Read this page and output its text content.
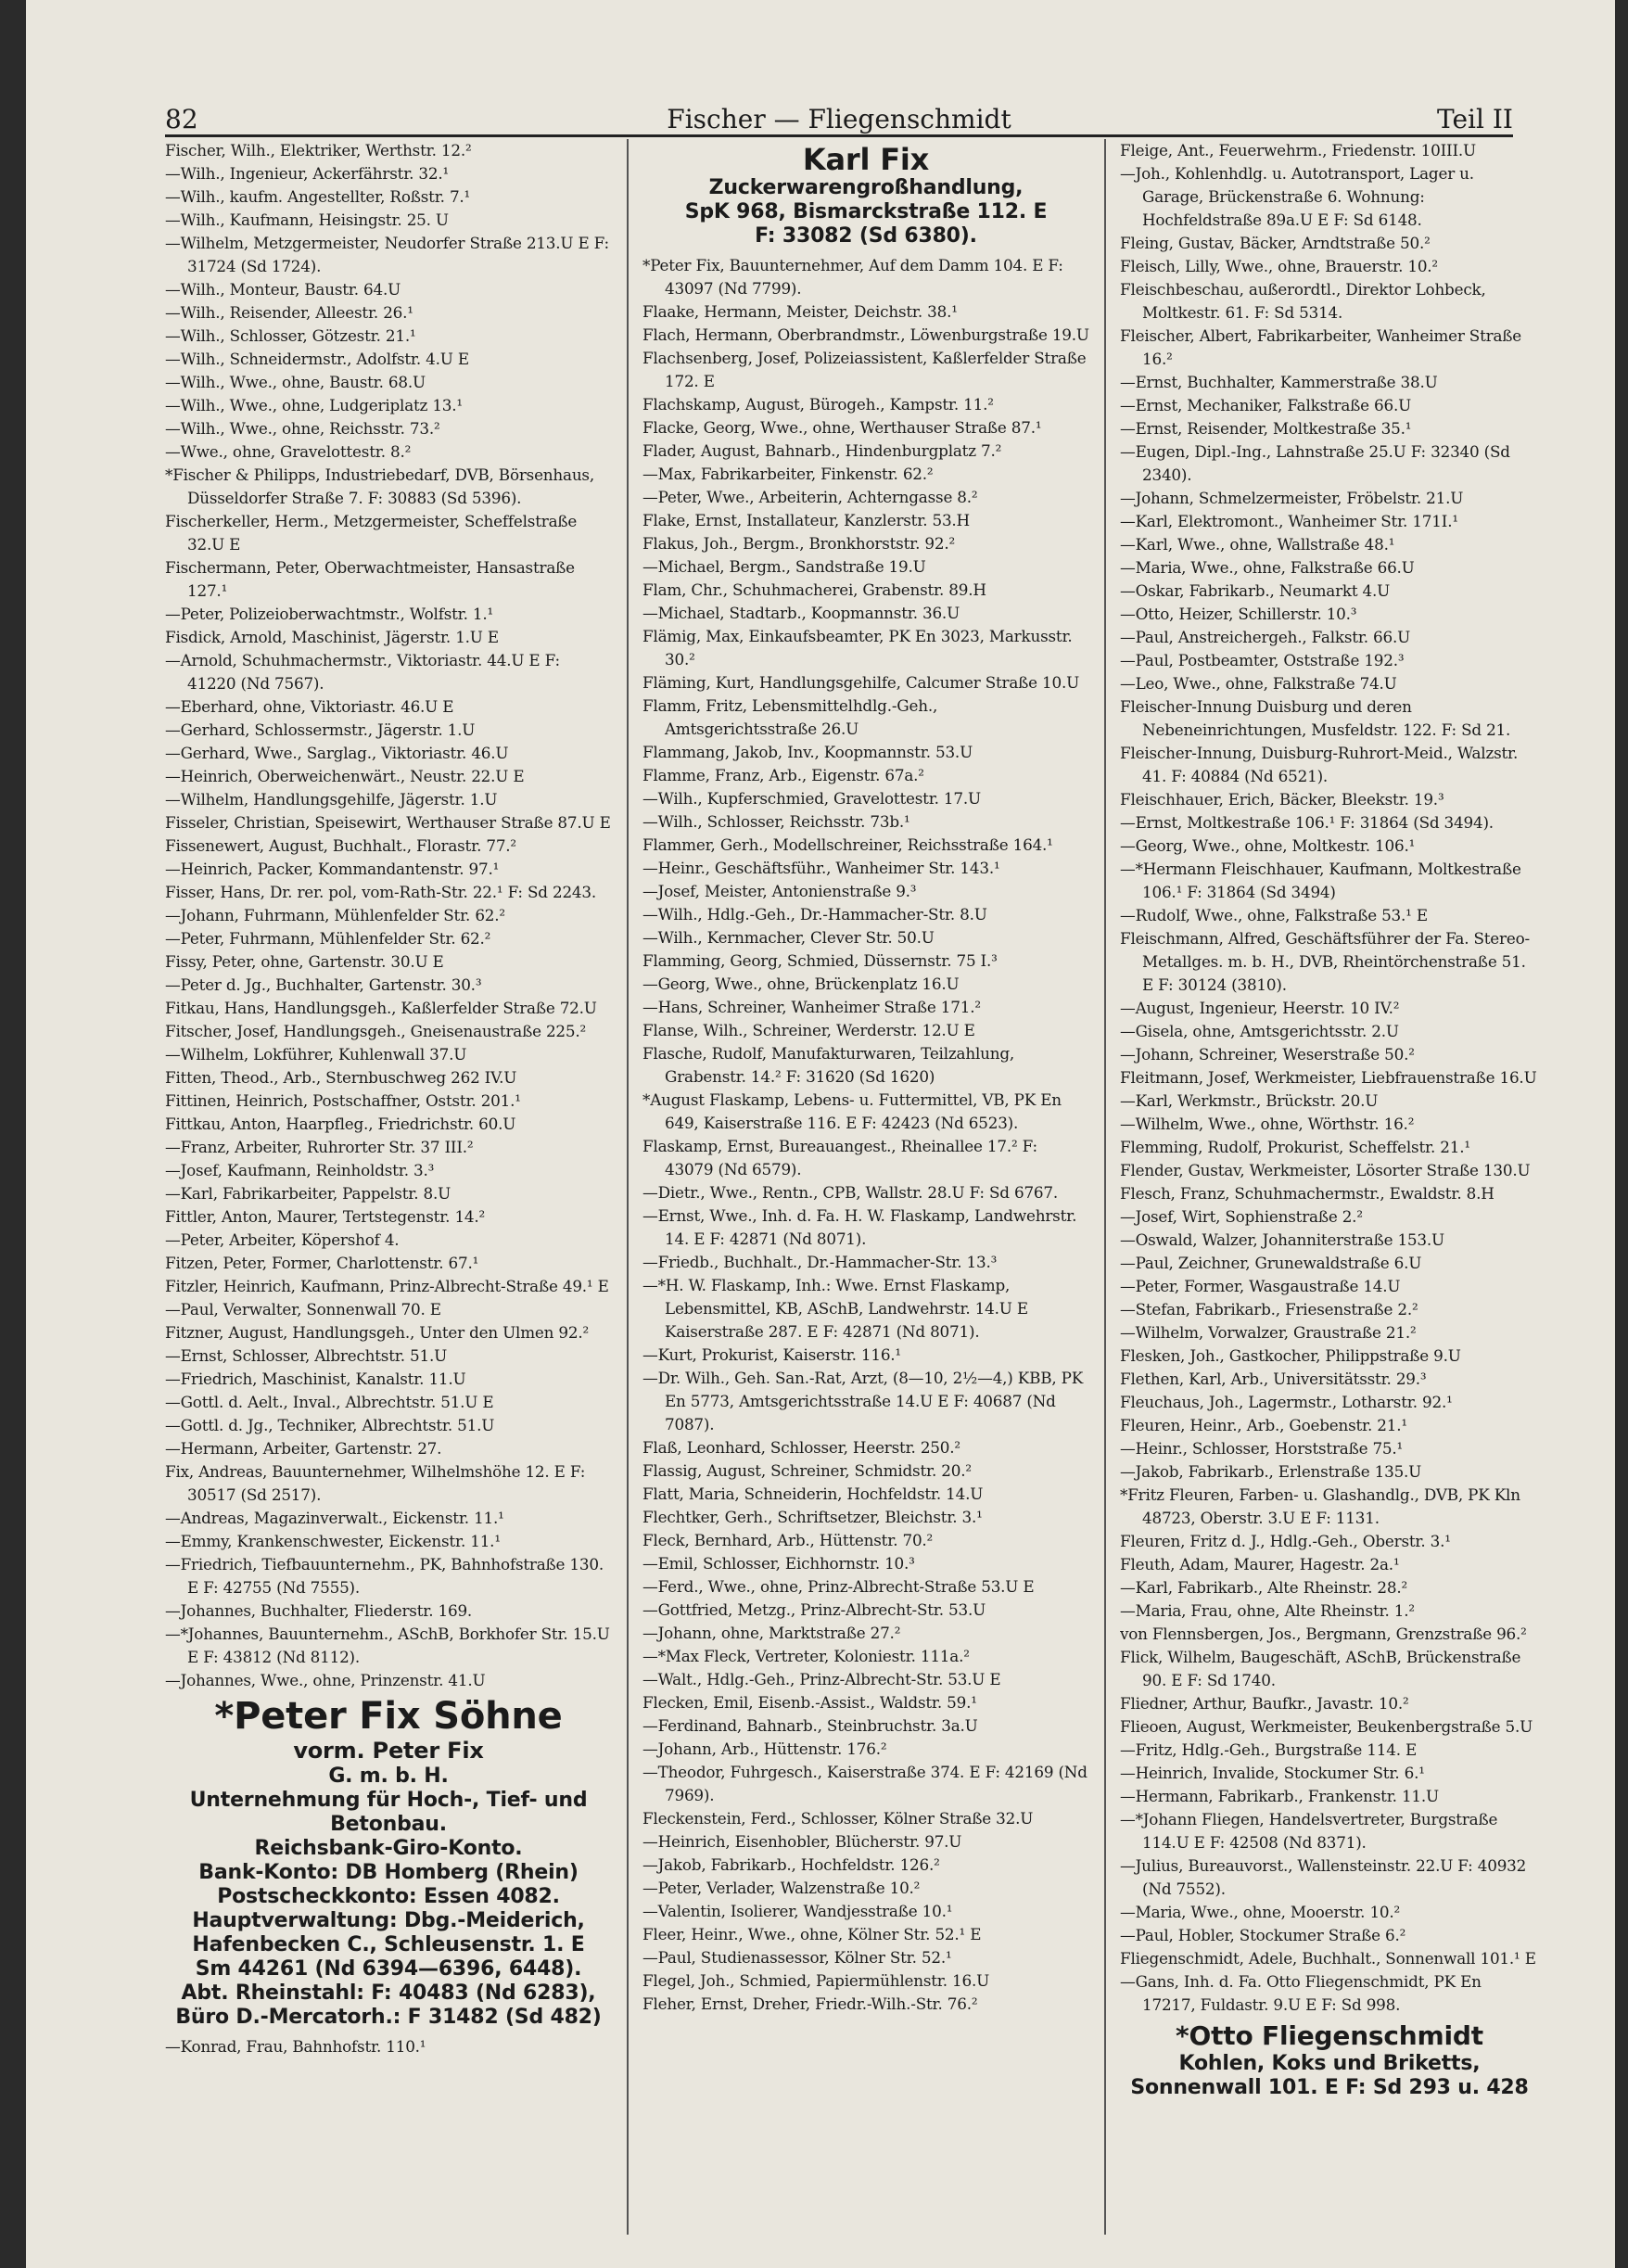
82	Fischer — Fliegenschmidt	Teil II
Fischer, Wilh., Elektriker, Werthstr. 12.²
—Wilh., Ingenieur, Ackerfährstr. 32.¹
—Wilh., kaufm. Angestellter, Roßstr. 7.¹
—Wilh., Kaufmann, Heisingstr. 25. U
—Wilhelm, Metzgermeister, Neudorfer Straße 213.U E F: 31724 (Sd 1724).
—Wilh., Monteur, Baustr. 64.U
—Wilh., Reisender, Alleestr. 26.¹
—Wilh., Schlosser, Götzestr. 21.¹
—Wilh., Schneidermstr., Adolfstr. 4.U E
—Wilh., Wwe., ohne, Baustr. 68.U
—Wilh., Wwe., ohne, Ludgeriplatz 13.¹
—Wilh., Wwe., ohne, Reichsstr. 73.²
—Wwe., ohne, Gravelottestr. 8.²
*Fischer & Philipps, Industriebedarf, DVB, Börsenhaus, Düsseldorfer Straße 7. F: 30883 (Sd 5396).
Fischerkeller, Herm., Metzgermeister, Scheffelstraße 32.U E
Fischermann, Peter, Oberwachtmeister, Hansastraße 127.¹
—Peter, Polizeioberwachtmstr., Wolfstr. 1.¹
Fisdick, Arnold, Maschinist, Jägerstr. 1.U E
—Arnold, Schuhmachermstr., Viktoriastr. 44.U E F: 41220 (Nd 7567).
—Eberhard, ohne, Viktoriastr. 46.U E
—Gerhard, Schlossermstr., Jägerstr. 1.U
—Gerhard, Wwe., Sarglag., Viktoriastr. 46.U
—Heinrich, Oberweichenwärt., Neustr. 22.U E
—Wilhelm, Handlungsgehilfe, Jägerstr. 1.U
Fisseler, Christian, Speisewirt, Werthauser Straße 87.U E
Fissenewert, August, Buchhalt., Florastr. 77.²
—Heinrich, Packer, Kommandantenstr. 97.¹
Fisser, Hans, Dr. rer. pol, vom-Rath-Str. 22.¹ F: Sd 2243.
—Johann, Fuhrmann, Mühlenfelder Str. 62.²
—Peter, Fuhrmann, Mühlenfelder Str. 62.²
Fissy, Peter, ohne, Gartenstr. 30.U E
—Peter d. Jg., Buchhalter, Gartenstr. 30.³
Fitkau, Hans, Handlungsgeh., Kaßlerfelder Straße 72.U
Fitscher, Josef, Handlungsgeh., Gneisenaustraße 225.²
—Wilhelm, Lokführer, Kuhlenwall 37.U
Fitten, Theod., Arb., Sternbuschweg 262 IV.U
Fittinen, Heinrich, Postschaffner, Oststr. 201.¹
Fittkau, Anton, Haarpfleg., Friedrichstr. 60.U
—Franz, Arbeiter, Ruhrorter Str. 37 III.²
—Josef, Kaufmann, Reinholdstr. 3.³
—Karl, Fabrikarbeiter, Pappelstr. 8.U
Fittler, Anton, Maurer, Tertstegenstr. 14.²
—Peter, Arbeiter, Köpershof 4.
Fitzen, Peter, Former, Charlottenstr. 67.¹
Fitzler, Heinrich, Kaufmann, Prinz-Albrecht-Straße 49.¹ E
—Paul, Verwalter, Sonnenwall 70. E
Fitzner, August, Handlungsgeh., Unter den Ulmen 92.²
—Ernst, Schlosser, Albrechtstr. 51.U
—Friedrich, Maschinist, Kanalstr. 11.U
—Gottl. d. Aelt., Inval., Albrechtstr. 51.U E
—Gottl. d. Jg., Techniker, Albrechtstr. 51.U
—Hermann, Arbeiter, Gartenstr. 27.
Fix, Andreas, Bauunternehmer, Wilhelmshöhe 12. E F: 30517 (Sd 2517).
—Andreas, Magazinverwalt., Eickenstr. 11.¹
—Emmy, Krankenschwester, Eickenstr. 11.¹
—Friedrich, Tiefbauunternehm., PK, Bahnhofstraße 130. E F: 42755 (Nd 7555).
—Johannes, Buchhalter, Fliederstr. 169.
—*Johannes, Bauunternehm., ASchB, Borkhofer Str. 15.U E F: 43812 (Nd 8112).
—Johannes, Wwe., ohne, Prinzenstr. 41.U
*Peter Fix Söhne
vorm. Peter Fix
G. m. b. H.
Unternehmung für Hoch-, Tief- und Betonbau.
Reichsbank-Giro-Konto.
Bank-Konto: DB Homberg (Rhein)
Postscheckkonto: Essen 4082.
Hauptverwaltung: Dbg.-Meiderich, Hafenbecken C., Schleusenstr. 1. E
Sm 44261 (Nd 6394—6396, 6448).
Abt. Rheinstahl: F: 40483 (Nd 6283),
Büro D.-Mercatorh.: F 31482 (Sd 482)
—Konrad, Frau, Bahnhofstr. 110.¹
Karl Fix
Zuckerwarengroßhandlung,
SpK 968, Bismarckstraße 112. E
F: 33082 (Sd 6380).
*Peter Fix, Bauunternehmer, Auf dem Damm 104. E F: 43097 (Nd 7799).
Flaake, Hermann, Meister, Deichstr. 38.¹
Flach, Hermann, Oberbrandmstr., Löwenburgstraße 19.U
Flachsenberg, Josef, Polizeiassistent, Kaßlerfelder Straße 172. E
Flachskamp, August, Bürogeh., Kampstr. 11.²
Flacke, Georg, Wwe., ohne, Werthauser Straße 87.¹
Flader, August, Bahnarb., Hindenburgplatz 7.²
—Max, Fabrikarbeiter, Finkenstr. 62.²
—Peter, Wwe., Arbeiterin, Achterngasse 8.²
Flake, Ernst, Installateur, Kanzlerstr. 53.H
Flakus, Joh., Bergm., Bronkhorststr. 92.²
—Michael, Bergm., Sandstraße 19.U
Flam, Chr., Schuhmacherei, Grabenstr. 89.H
—Michael, Stadtarb., Koopmannstr. 36.U
Flämig, Max, Einkaufsbeamter, PK En 3023, Markusstr. 30.²
Fläming, Kurt, Handlungsgehilfe, Calcumer Straße 10.U
Flamm, Fritz, Lebensmittelhdlg.-Geh., Amtsgerichtsstraße 26.U
Flammang, Jakob, Inv., Koopmannstr. 53.U
Flamme, Franz, Arb., Eigenstr. 67a.²
—Wilh., Kupferschmied, Gravelottestr. 17.U
—Wilh., Schlosser, Reichsstr. 73b.¹
Flammer, Gerh., Modellschreiner, Reichsstraße 164.¹
—Heinr., Geschäftsführ., Wanheimer Str. 143.¹
—Josef, Meister, Antonienstraße 9.³
—Wilh., Hdlg.-Geh., Dr.-Hammacher-Str. 8.U
—Wilh., Kernmacher, Clever Str. 50.U
Flamming, Georg, Schmied, Düssernstr. 75 I.³
—Georg, Wwe., ohne, Brückenplatz 16.U
—Hans, Schreiner, Wanheimer Straße 171.²
Flanse, Wilh., Schreiner, Werderstr. 12.U E
Flasche, Rudolf, Manufakturwaren, Teilzahlung, Grabenstr. 14.² F: 31620 (Sd 1620)
*August Flaskamp, Lebens- u. Futtermittel, VB, PK En 649, Kaiserstraße 116. E F: 42423 (Nd 6523).
Flaskamp, Ernst, Bureauangest., Rheinallee 17.² F: 43079 (Nd 6579).
—Dietr., Wwe., Rentn., CPB, Wallstr. 28.U F: Sd 6767.
—Ernst, Wwe., Inh. d. Fa. H. W. Flaskamp, Landwehrstr. 14. E F: 42871 (Nd 8071).
—Friedb., Buchhalt., Dr.-Hammacher-Str. 13.³
—*H. W. Flaskamp, Inh.: Wwe. Ernst Flaskamp, Lebensmittel, KB, ASchB, Landwehrstr. 14.U E Kaiserstraße 287. E F: 42871 (Nd 8071).
—Kurt, Prokurist, Kaiserstr. 116.¹
—Dr. Wilh., Geh. San.-Rat, Arzt, (8—10, 2½—4,) KBB, PK En 5773, Amtsgerichtsstraße 14.U E F: 40687 (Nd 7087).
Flaß, Leonhard, Schlosser, Heerstr. 250.²
Flassig, August, Schreiner, Schmidstr. 20.²
Flatt, Maria, Schneiderin, Hochfeldstr. 14.U
Flechtker, Gerh., Schriftsetzer, Bleichstr. 3.¹
Fleck, Bernhard, Arb., Hüttenstr. 70.²
—Emil, Schlosser, Eichhornstr. 10.³
—Ferd., Wwe., ohne, Prinz-Albrecht-Straße 53.U E
—Gottfried, Metzg., Prinz-Albrecht-Str. 53.U
—Johann, ohne, Marktstraße 27.²
—*Max Fleck, Vertreter, Koloniestr. 111a.²
—Walt., Hdlg.-Geh., Prinz-Albrecht-Str. 53.U E
Flecken, Emil, Eisenb.-Assist., Waldstr. 59.¹
—Ferdinand, Bahnarb., Steinbruchstr. 3a.U
—Johann, Arb., Hüttenstr. 176.²
—Theodor, Fuhrgesch., Kaiserstraße 374. E F: 42169 (Nd 7969).
Fleckenstein, Ferd., Schlosser, Kölner Straße 32.U
—Heinrich, Eisenhobler, Blücherstr. 97.U
—Jakob, Fabrikarb., Hochfeldstr. 126.²
—Peter, Verlader, Walzenstraße 10.²
—Valentin, Isolierer, Wandjesstraße 10.¹
Fleer, Heinr., Wwe., ohne, Kölner Str. 52.¹ E
—Paul, Studienassessor, Kölner Str. 52.¹
Flegel, Joh., Schmied, Papiermühlenstr. 16.U
Fleher, Ernst, Dreher, Friedr.-Wilh.-Str. 76.²
Fleige, Ant., Feuerwehrm., Friedenstr. 10III.U
—Joh., Kohlenhdlg. u. Autotransport, Lager u. Garage, Brückenstraße 6. Wohnung: Hochfeldstraße 89a.U E F: Sd 6148.
Fleing, Gustav, Bäcker, Arndtstraße 50.²
Fleisch, Lilly, Wwe., ohne, Brauerstr. 10.²
Fleischbeschau, außerordtl., Direktor Lohbeck, Moltkestr. 61. F: Sd 5314.
Fleischer, Albert, Fabrikarbeiter, Wanheimer Straße 16.²
—Ernst, Buchhalter, Kammerstraße 38.U
—Ernst, Mechaniker, Falkstraße 66.U
—Ernst, Reisender, Moltkestraße 35.¹
—Eugen, Dipl.-Ing., Lahnstraße 25.U F: 32340 (Sd 2340).
—Johann, Schmelzermeister, Fröbelstr. 21.U
—Karl, Elektromont., Wanheimer Str. 171I.¹
—Karl, Wwe., ohne, Wallstraße 48.¹
—Maria, Wwe., ohne, Falkstraße 66.U
—Oskar, Fabrikarb., Neumarkt 4.U
—Otto, Heizer, Schillerstr. 10.³
—Paul, Anstreichergeh., Falkstr. 66.U
—Paul, Postbeamter, Oststraße 192.³
—Leo, Wwe., ohne, Falkstraße 74.U
Fleischer-Innung Duisburg und deren Nebeneinrichtungen, Musfeldstr. 122. F: Sd 21.
Fleischer-Innung, Duisburg-Ruhrort-Meid., Walzstr. 41. F: 40884 (Nd 6521).
Fleischhauer, Erich, Bäcker, Bleekstr. 19.³
—Ernst, Moltkestraße 106.¹ F: 31864 (Sd 3494).
—Georg, Wwe., ohne, Moltkestr. 106.¹
—*Hermann Fleischhauer, Kaufmann, Moltkestraße 106.¹ F: 31864 (Sd 3494)
—Rudolf, Wwe., ohne, Falkstraße 53.¹ E
Fleischmann, Alfred, Geschäftsführer der Fa. Stereo-Metallges. m. b. H., DVB, Rheintörchenstraße 51. E F: 30124 (3810).
—August, Ingenieur, Heerstr. 10 IV.²
—Gisela, ohne, Amtsgerichtsstr. 2.U
—Johann, Schreiner, Weserstraße 50.²
Fleitmann, Josef, Werkmeister, Liebfrauenstraße 16.U
—Karl, Werkmstr., Brückstr. 20.U
—Wilhelm, Wwe., ohne, Wörthstr. 16.²
Flemming, Rudolf, Prokurist, Scheffelstr. 21.¹
Flender, Gustav, Werkmeister, Lösorter Straße 130.U
Flesch, Franz, Schuhmachermstr., Ewaldstr. 8.H
—Josef, Wirt, Sophienstraße 2.²
—Oswald, Walzer, Johanniterstraße 153.U
—Paul, Zeichner, Grunewaldstraße 6.U
—Peter, Former, Wasgaustraße 14.U
—Stefan, Fabrikarb., Friesenstraße 2.²
—Wilhelm, Vorwalzer, Graustraße 21.²
Flesken, Joh., Gastkocher, Philippstraße 9.U
Flethen, Karl, Arb., Universitätsstr. 29.³
Fleuchaus, Joh., Lagermstr., Lotharstr. 92.¹
Fleuren, Heinr., Arb., Goebenstr. 21.¹
—Heinr., Schlosser, Horststraße 75.¹
—Jakob, Fabrikarb., Erlenstraße 135.U
*Fritz Fleuren, Farben- u. Glashandlg., DVB, PK Kln 48723, Oberstr. 3.U E F: 1131.
Fleuren, Fritz d. J., Hdlg.-Geh., Oberstr. 3.¹
Fleuth, Adam, Maurer, Hagestr. 2a.¹
—Karl, Fabrikarb., Alte Rheinstr. 28.²
—Maria, Frau, ohne, Alte Rheinstr. 1.²
von Flennsbergen, Jos., Bergmann, Grenzstraße 96.²
Flick, Wilhelm, Baugeschäft, ASchB, Brückenstraße 90. E F: Sd 1740.
Fliedner, Arthur, Baufkr., Javastr. 10.²
Flieoen, August, Werkmeister, Beukenbergstraße 5.U
—Fritz, Hdlg.-Geh., Burgstraße 114. E
—Heinrich, Invalide, Stockumer Str. 6.¹
—Hermann, Fabrikarb., Frankenstr. 11.U
—*Johann Fliegen, Handelsvertreter, Burgstraße 114.U E F: 42508 (Nd 8371).
—Julius, Bureauvorst., Wallensteinstr. 22.U F: 40932 (Nd 7552).
—Maria, Wwe., ohne, Mooerstr. 10.²
—Paul, Hobler, Stockumer Straße 6.²
Fliegenschmidt, Adele, Buchhalt., Sonnenwall 101.¹ E
—Gans, Inh. d. Fa. Otto Fliegenschmidt, PK En 17217, Fuldastr. 9.U E F: Sd 998.
*Otto Fliegenschmidt
Kohlen, Koks und Briketts,
Sonnenwall 101. E F: Sd 293 u. 428
